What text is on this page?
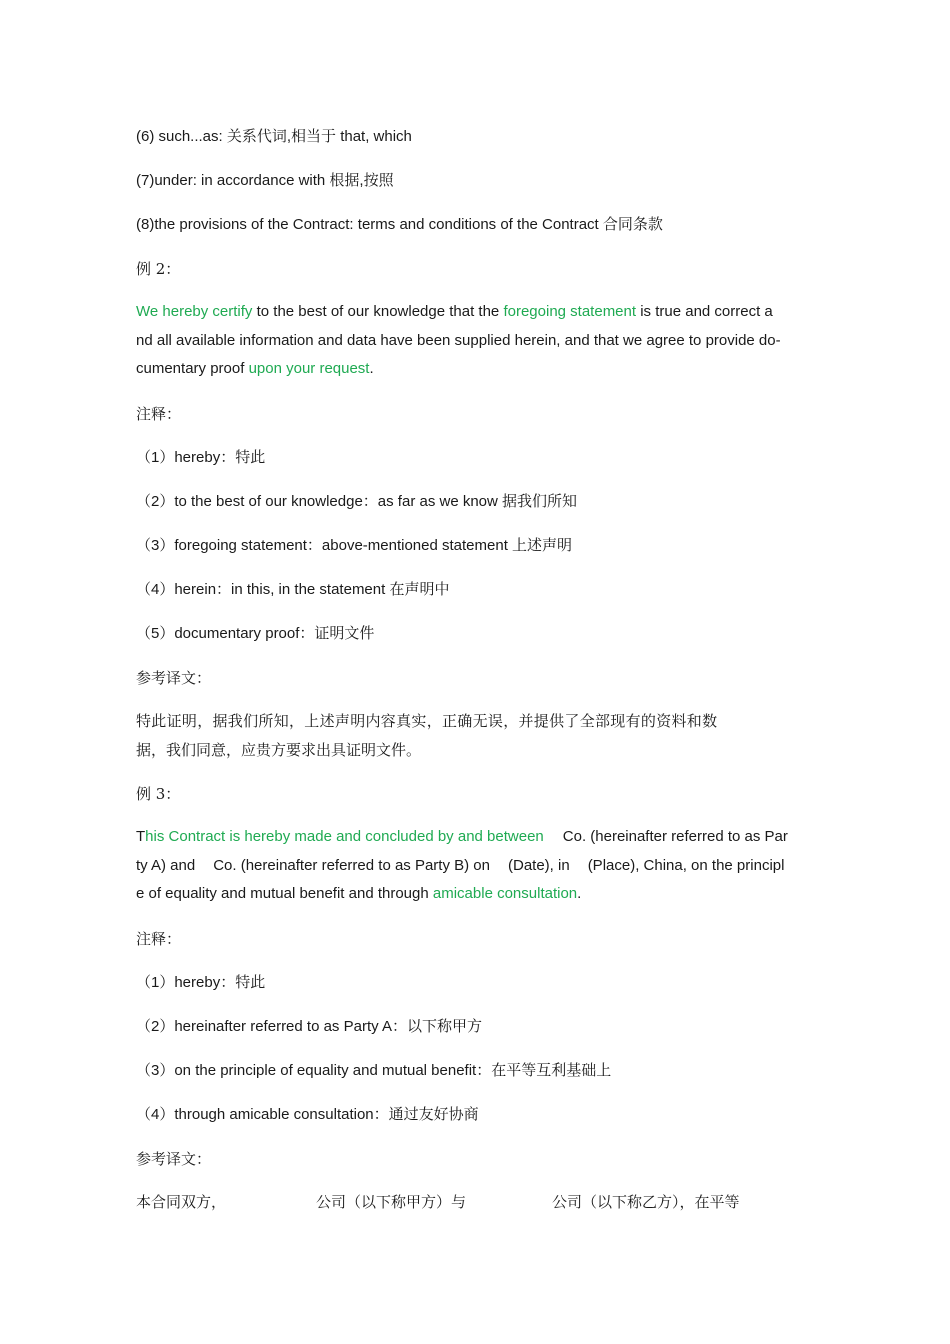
(6) such...as: 关系代词,相当于 that, which

(7)under: in accordance with 根据,按照

(8)the provisions of the Contract: terms and conditions of the Contract 合同条款

例 2：

We hereby certify to the best of our knowledge that the foregoing statement is true and correct a
nd all available information and data have been supplied herein, and that we agree to provide do-
cumentary proof upon your request.

注释：

（1）hereby：特此

（2）to the best of our knowledge：as far as we know 据我们所知

（3）foregoing statement：above-mentioned statement 上述声明

（4）herein：in this, in the statement 在声明中

（5）documentary proof：证明文件

参考译文：

特此证明，据我们所知，上述声明内容真实，正确无误，并提供了全部现有的资料和数
据，我们同意，应贵方要求出具证明文件。

例 3：

This Contract is hereby made and concluded by and between Co. (hereinafter referred to as Par
ty A) and Co. (hereinafter referred to as Party B) on (Date), in (Place), China, on the principl
e of equality and mutual benefit and through amicable consultation.

注释：

（1）hereby：特此

（2）hereinafter referred to as Party A：以下称甲方

（3）on the principle of equality and mutual benefit：在平等互利基础上

（4）through amicable consultation：通过友好协商

参考译文：

本合同双方，	公司（以下称甲方）与	公司（以下称乙方），在平等
